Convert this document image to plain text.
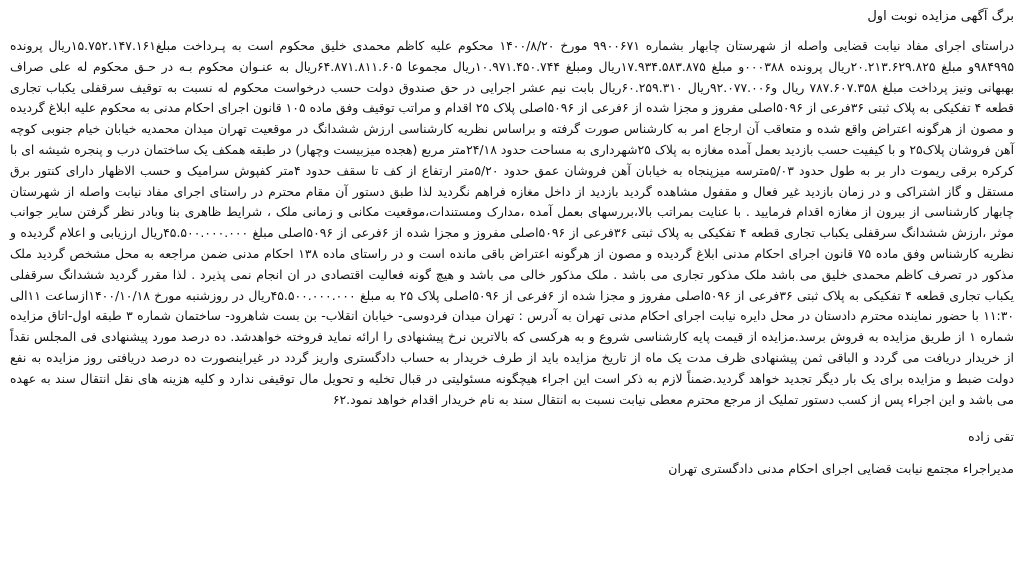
برگ آگهی مزایده نوبت اول

دراستای اجرای مفاد نیابت قضایی واصله از شهرستان چابهار بشماره ۹۹۰۰۶۷۱ مورخ ۱۴۰۰/۸/۲۰ محکوم علیه کاظم محمدی خلیق محکوم است به پـرداخت مبلغ۱۵.۷۵۲.۱۴۷.۱۶۱ریال پرونده ۹۸۴۹۹۵و مبلغ ۲۰.۲۱۳.۶۲۹.۸۲۵ریال پرونده ۰۰۰۳۸۸و مبلغ ۱۷.۹۳۴.۵۸۳.۸۷۵ریال ومبلغ ۱۰.۹۷۱.۴۵۰.۷۴۴ریال مجموعا ۶۴.۸۷۱.۸۱۱.۶۰۵ریال به عنـوان محکوم بـه در حـق محکوم له علی صراف بهبهانی ونیز پرداخت مبلغ ۷۸۷.۶۰۷.۳۵۸ ریال و۹۲.۰۷۷.۰۰۶ریال ۶۰.۲۵۹.۳۱۰ریال بابت نیم عشر اجرایی در حق صندوق دولت حسب درخواست محکوم له نسبت به توقیف سرقفلی یکباب تجاری قطعه ۴ تفکیکی به پلاک ثبتی ۳۶فرعی از ۵۰۹۶اصلی مفروز و مجزا شده از ۶فرعی از ۵۰۹۶اصلی پلاک ۲۵ اقدام و مراتب توقیف وفق ماده ۱۰۵ قانون اجرای احکام مدنی به محکوم علیه ابلاغ گردیده و مصون از هرگونه اعتراض واقع شده و متعاقب آن ارجاع امر به کارشناس صورت گرفته و براساس نظریه کارشناسی ارزش ششدانگ در موقعیت تهران میدان محمدیه خیابان خیام جنوبی کوچه آهن فروشان پلاک۲۵ و با کیفیت حسب بازدید بعمل آمده مغازه به پلاک ۲۵شهرداری به مساحت حدود ۲۴/۱۸متر مربع (هجده میزبیست وچهار) در طبقه همکف یک ساختمان درب و پنجره شیشه ای با کرکره برقی ریموت دار بر به طول حدود ۵/۰۳مترسه میزپنجاه به خیابان آهن فروشان عمق حدود ۵/۲۰متر ارتفاع از کف تا سقف حدود ۴متر کفپوش سرامیک و حسب الاظهار دارای کنتور برق مستقل و گاز اشتراکی و در زمان بازدید غیر فعال و مقفول مشاهده گردید بازدید از داخل مغازه فراهم نگردید لذا طبق دستور آن مقام محترم در راستای اجرای مفاد نیابت واصله از شهرستان چابهار کارشناسی از بیرون از مغازه اقدام فرمایید . با عنایت بمراتب بالا،بررسهای بعمل آمده ،مدارک ومستندات،موقعیت مکانی و زمانی ملک ، شرایط ظاهری بنا وبادر نظر گرفتن سایر جوانب موثر ،ارزش ششدانگ سرقفلی یکباب تجاری قطعه ۴ تفکیکی به پلاک ثبتی ۳۶فرعی از ۵۰۹۶اصلی مفروز و مجزا شده از ۶فرعی از ۵۰۹۶اصلی مبلغ ۴۵.۵۰۰.۰۰۰.۰۰۰ریال ارزیابی و اعلام گردیده و نظریه کارشناس وفق ماده ۷۵ قانون اجرای احکام مدنی ابلاغ گردیده و مصون از هرگونه اعتراض باقی مانده است و در راستای ماده ۱۳۸ احکام مدنی ضمن مراجعه به محل مشخص گردید ملک مذکور در تصرف کاظم محمدی خلیق می باشد ملک مذکور تجاری می باشد . ملک مذکور خالی می باشد و هیچ گونه فعالیت اقتصادی در ان انجام نمی پذیرد . لذا مقرر گردید ششدانگ سرقفلی یکباب تجاری قطعه ۴ تفکیکی به پلاک ثبتی ۳۶فرعی از ۵۰۹۶اصلی مفروز و مجزا شده از ۶فرعی از ۵۰۹۶اصلی پلاک ۲۵ به مبلغ ۴۵.۵۰۰.۰۰۰.۰۰۰ریال در روزشنبه مورخ ۱۴۰۰/۱۰/۱۸ازساعت ۱۱الی ۱۱:۳۰ با حضور نماینده محترم دادستان در محل دایره نیابت اجرای احکام مدنی تهران به آدرس : تهران میدان فردوسی- خیابان انقلاب- بن بست شاهرود- ساختمان شماره ۳ طبقه اول-اتاق مزایده شماره ۱ از طریق مزایده به فروش برسد.مزایده از قیمت پایه کارشناسی شروع و به هرکسی که بالاترین نرخ پیشنهادی را ارائه نماید فروخته خواهدشد. ده درصد مورد پیشنهادی فی المجلس نقداً از خریدار دریافت می گردد و الباقی ثمن پیشنهادی ظرف مدت یک ماه از تاریخ مزایده باید از طرف خریدار به حساب دادگستری واریز گردد در غیراینصورت ده درصد دریافتی روز مزایده به نفع دولت ضبط و مزایده برای یک بار دیگر تجدید خواهد گردید.ضمناً لازم به ذکر است این اجراء هیچگونه مسئولیتی در قبال تخلیه و تحویل مال توقیفی ندارد و کلیه هزینه های نقل انتقال سند به عهده می باشد و این اجراء پس از کسب دستور تملیک از مرجع محترم معطی نیابت نسبت به انتقال سند به نام خریدار اقدام خواهد نمود.۶۲

تقی زاده
مدیراجراء مجتمع نیابت قضایی اجرای احکام مدنی دادگستری تهران
